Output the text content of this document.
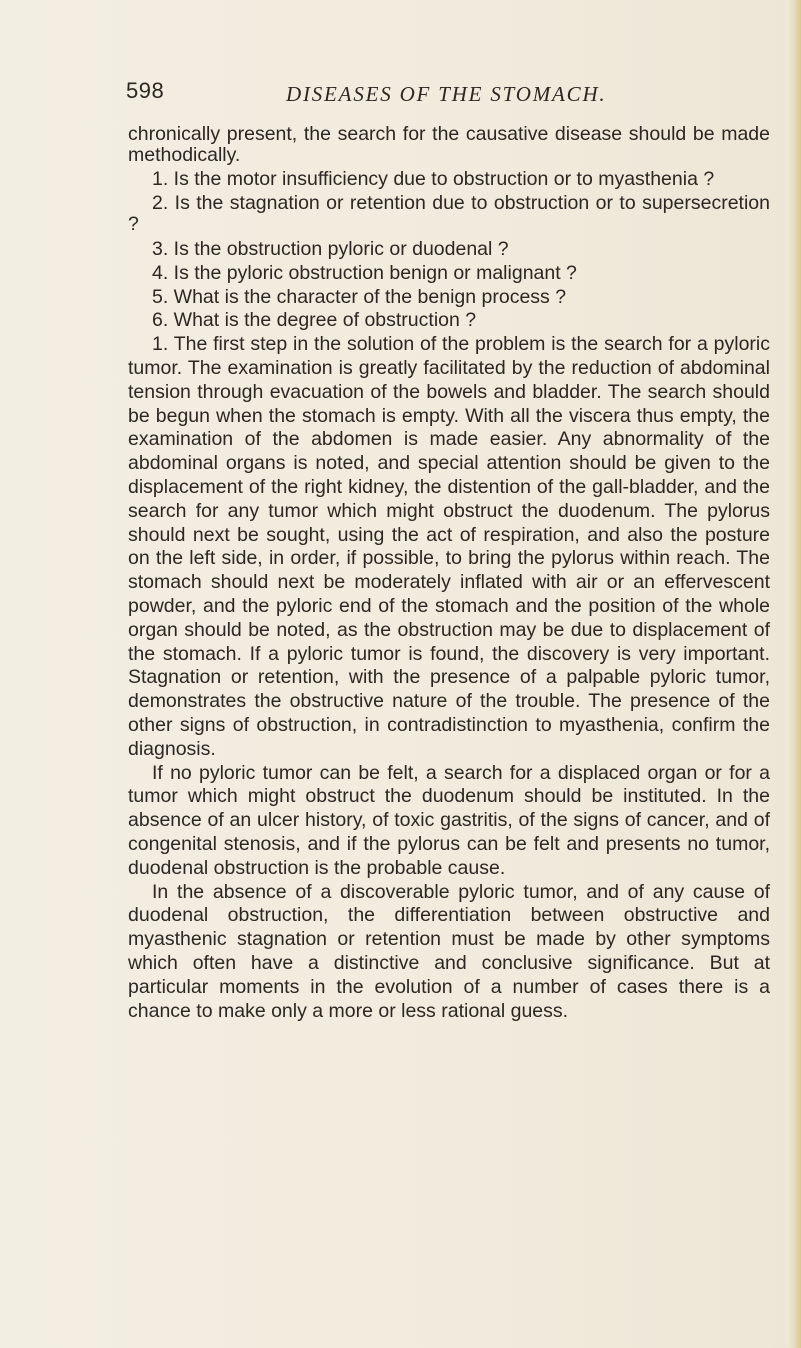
598	DISEASES OF THE STOMACH.

chronically present, the search for the causative disease should be made methodically.

1. Is the motor insufficiency due to obstruction or to myasthenia ?

2. Is the stagnation or retention due to obstruction or to supersecretion ?

3. Is the obstruction pyloric or duodenal ?

4. Is the pyloric obstruction benign or malignant ?

5. What is the character of the benign process ?

6. What is the degree of obstruction ?

1. The first step in the solution of the problem is the search for a pyloric tumor. The examination is greatly facilitated by the reduction of abdominal tension through evacuation of the bowels and bladder. The search should be begun when the stomach is empty. With all the viscera thus empty, the examination of the abdomen is made easier. Any abnormality of the abdominal organs is noted, and special attention should be given to the displacement of the right kidney, the distention of the gall-bladder, and the search for any tumor which might obstruct the duodenum. The pylorus should next be sought, using the act of respiration, and also the posture on the left side, in order, if possible, to bring the pylorus within reach. The stomach should next be moderately inflated with air or an effervescent powder, and the pyloric end of the stomach and the position of the whole organ should be noted, as the obstruction may be due to displacement of the stomach. If a pyloric tumor is found, the discovery is very important. Stagnation or retention, with the presence of a palpable pyloric tumor, demonstrates the obstructive nature of the trouble. The presence of the other signs of obstruction, in contradistinction to myasthenia, confirm the diagnosis.

If no pyloric tumor can be felt, a search for a displaced organ or for a tumor which might obstruct the duodenum should be instituted. In the absence of an ulcer history, of toxic gastritis, of the signs of cancer, and of congenital stenosis, and if the pylorus can be felt and presents no tumor, duodenal obstruction is the probable cause.

In the absence of a discoverable pyloric tumor, and of any cause of duodenal obstruction, the differentiation between obstructive and myasthenic stagnation or retention must be made by other symptoms which often have a distinctive and conclusive significance. But at particular moments in the evolution of a number of cases there is a chance to make only a more or less rational guess.
